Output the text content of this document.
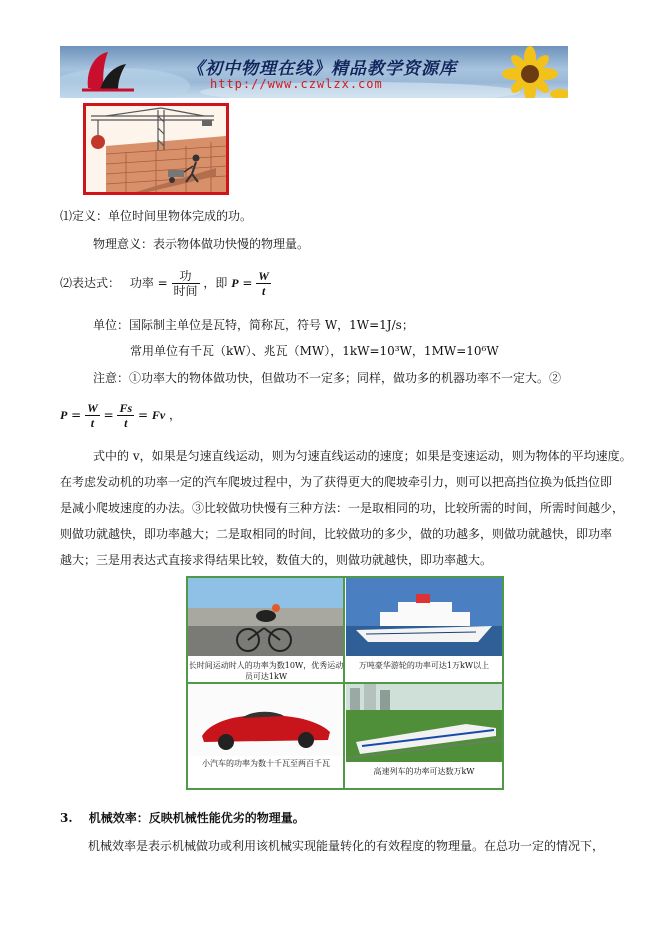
《初中物理在线》精品教学资源库
http://www.czwlzx.com
⑴定义：单位时间里物体完成的功。
物理意义：表示物体做功快慢的物理量。
⑵表达式： 功率 = $\frac{\text{功}}{\text{时间}}$ ，即 $P = \frac{W}{t}$
单位：国际制主单位是瓦特，简称瓦，符号 W，1W=1J/s；
常用单位有千瓦（kW）、兆瓦（MW），1kW=10³W，1MW=10⁶W
注意：①功率大的物体做功快，但做功不一定多；同样，做功多的机器功率不一定大。②
$P = \frac{W}{t} = \frac{Fs}{t} = Fv$ ，
式中的 v，如果是匀速直线运动，则为匀速直线运动的速度；如果是变速运动，则为物体的平均速度。
在考虑发动机的功率一定的汽车爬坡过程中，为了获得更大的爬坡牵引力，则可以把高挡位换为低挡位即
是减小爬坡速度的办法。③比较做功快慢有三种方法：一是取相同的功，比较所需的时间，所需时间越少，
则做功就越快，即功率越大；二是取相同的时间，比较做功的多少，做的功越多，则做功就越快，即功率
越大；三是用表达式直接求得结果比较，数值大的，则做功就越快，即功率越大。
长时间运动时人的功率为数10W，优秀运动员可达1kW
万吨豪华游轮的功率可达1万kW以上
小汽车的功率为数十千瓦至两百千瓦
高速列车的功率可达数万kW
3. 机械效率：反映机械性能优劣的物理量。
机械效率是表示机械做功或利用该机械实现能量转化的有效程度的物理量。在总功一定的情况下，
